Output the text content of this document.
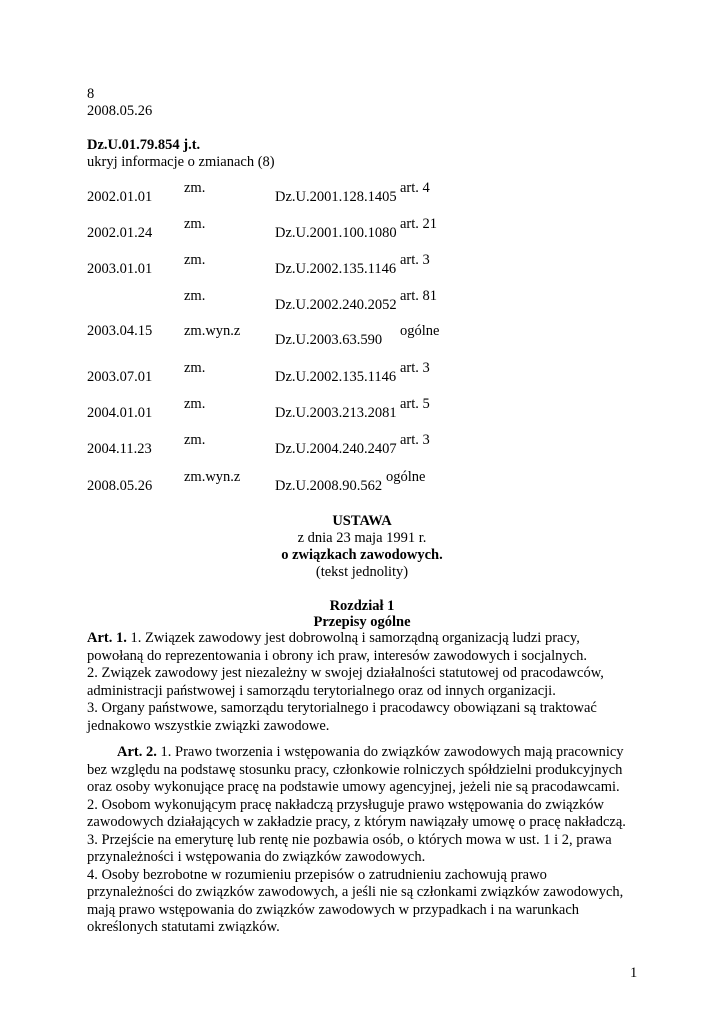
8
2008.05.26
Dz.U.01.79.854 j.t.
ukryj informacje o zmianach (8)
2002.01.01
zm.
Dz.U.2001.128.1405
art. 4
2002.01.24
zm.
Dz.U.2001.100.1080
art. 21
2003.01.01
zm.
Dz.U.2002.135.1146
art. 3
zm.
Dz.U.2002.240.2052
art. 81
2003.04.15 zm.wyn.z
Dz.U.2003.63.590
ogólne
2003.07.01
zm.
Dz.U.2002.135.1146
art. 3
2004.01.01
zm.
Dz.U.2003.213.2081
art. 5
2004.11.23
zm.
Dz.U.2004.240.2407
art. 3
2008.05.26
zm.wyn.z
Dz.U.2008.90.562
ogólne
USTAWA
z dnia 23 maja 1991 r.
o związkach zawodowych.
(tekst jednolity)
Rozdział 1
Przepisy ogólne
Art. 1. 1. Związek zawodowy jest dobrowolną i samorządną organizacją ludzi pracy,
powołaną do reprezentowania i obrony ich praw, interesów zawodowych i socjalnych.
2. Związek zawodowy jest niezależny w swojej działalności statutowej od pracodawców,
administracji państwowej i samorządu terytorialnego oraz od innych organizacji.
3. Organy państwowe, samorządu terytorialnego i pracodawcy obowiązani są traktować
jednakowo wszystkie związki zawodowe.
Art. 2. 1. Prawo tworzenia i wstępowania do związków zawodowych mają pracownicy
bez względu na podstawę stosunku pracy, członkowie rolniczych spółdzielni produkcyjnych
oraz osoby wykonujące pracę na podstawie umowy agencyjnej, jeżeli nie są pracodawcami.
2. Osobom wykonującym pracę nakładczą przysługuje prawo wstępowania do związków
zawodowych działających w zakładzie pracy, z którym nawiązały umowę o pracę nakładczą.
3. Przejście na emeryturę lub rentę nie pozbawia osób, o których mowa w ust. 1 i 2, prawa
przynależności i wstępowania do związków zawodowych.
4. Osoby bezrobotne w rozumieniu przepisów o zatrudnieniu zachowują prawo
przynależności do związków zawodowych, a jeśli nie są członkami związków zawodowych,
mają prawo wstępowania do związków zawodowych w przypadkach i na warunkach
określonych statutami związków.
1
